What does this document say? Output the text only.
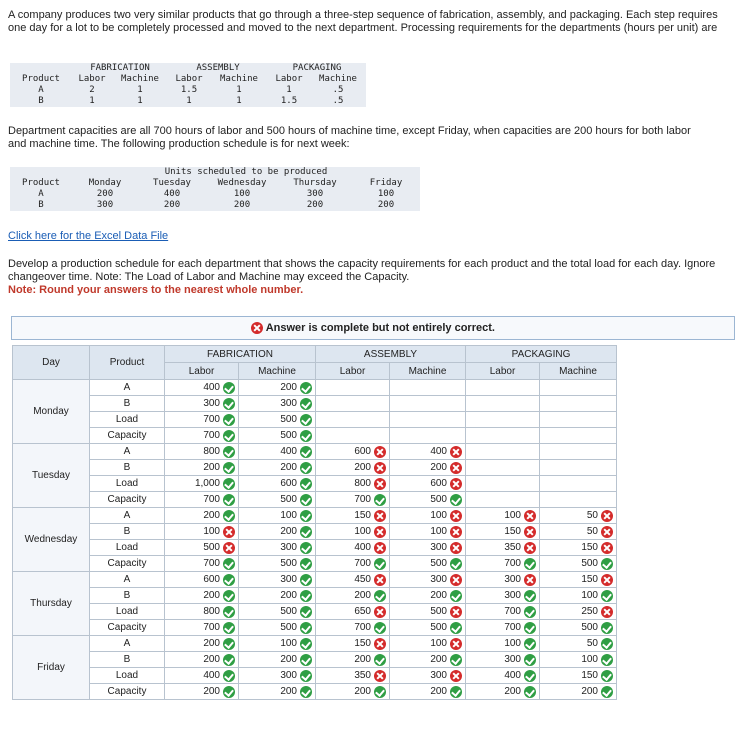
A company produces two very similar products that go through a three-step sequence of fabrication, assembly, and packaging. Each step requires one day for a lot to be completely processed and moved to the next department. Processing requirements for the departments (hours per unit) are
	FABRICATION		ASSEMBLY		PACKAGING	
Product	Labor	Machine	Labor	Machine	Labor	Machine
A	2	1	1.5	1	1	.5
B	1	1	1	1	1.5	.5
Department capacities are all 700 hours of labor and 500 hours of machine time, except Friday, when capacities are 200 hours for both labor and machine time. The following production schedule is for next week:
	Units scheduled to be produced				
Product	Monday	Tuesday	Wednesday	Thursday	Friday
A	200	400	100	300	100
B	300	200	200	200	200
Click here for the Excel Data File
Develop a production schedule for each department that shows the capacity requirements for each product and the total load for each day. Ignore changeover time. Note: The Load of Labor and Machine may exceed the Capacity.
Note: Round your answers to the nearest whole number.
Answer is complete but not entirely correct.
Day	Product	FABRICATION		ASSEMBLY		PACKAGING	
		Labor	Machine	Labor	Machine	Labor	Machine
Monday	A	400	200				
	B	300	300				
	Load	700	500				
	Capacity	700	500				
Tuesday	A	800	400	600	400		
	B	200	200	200	200		
	Load	1,000	600	800	600		
	Capacity	700	500	700	500		
Wednesday	A	200	100	150	100	100	50
	B	100	200	100	100	150	50
	Load	500	300	400	300	350	150
	Capacity	700	500	700	500	700	500
Thursday	A	600	300	450	300	300	150
	B	200	200	200	200	300	100
	Load	800	500	650	500	700	250
	Capacity	700	500	700	500	700	500
Friday	A	200	100	150	100	100	50
	B	200	200	200	200	300	100
	Load	400	300	350	300	400	150
	Capacity	200	200	200	200	200	200
